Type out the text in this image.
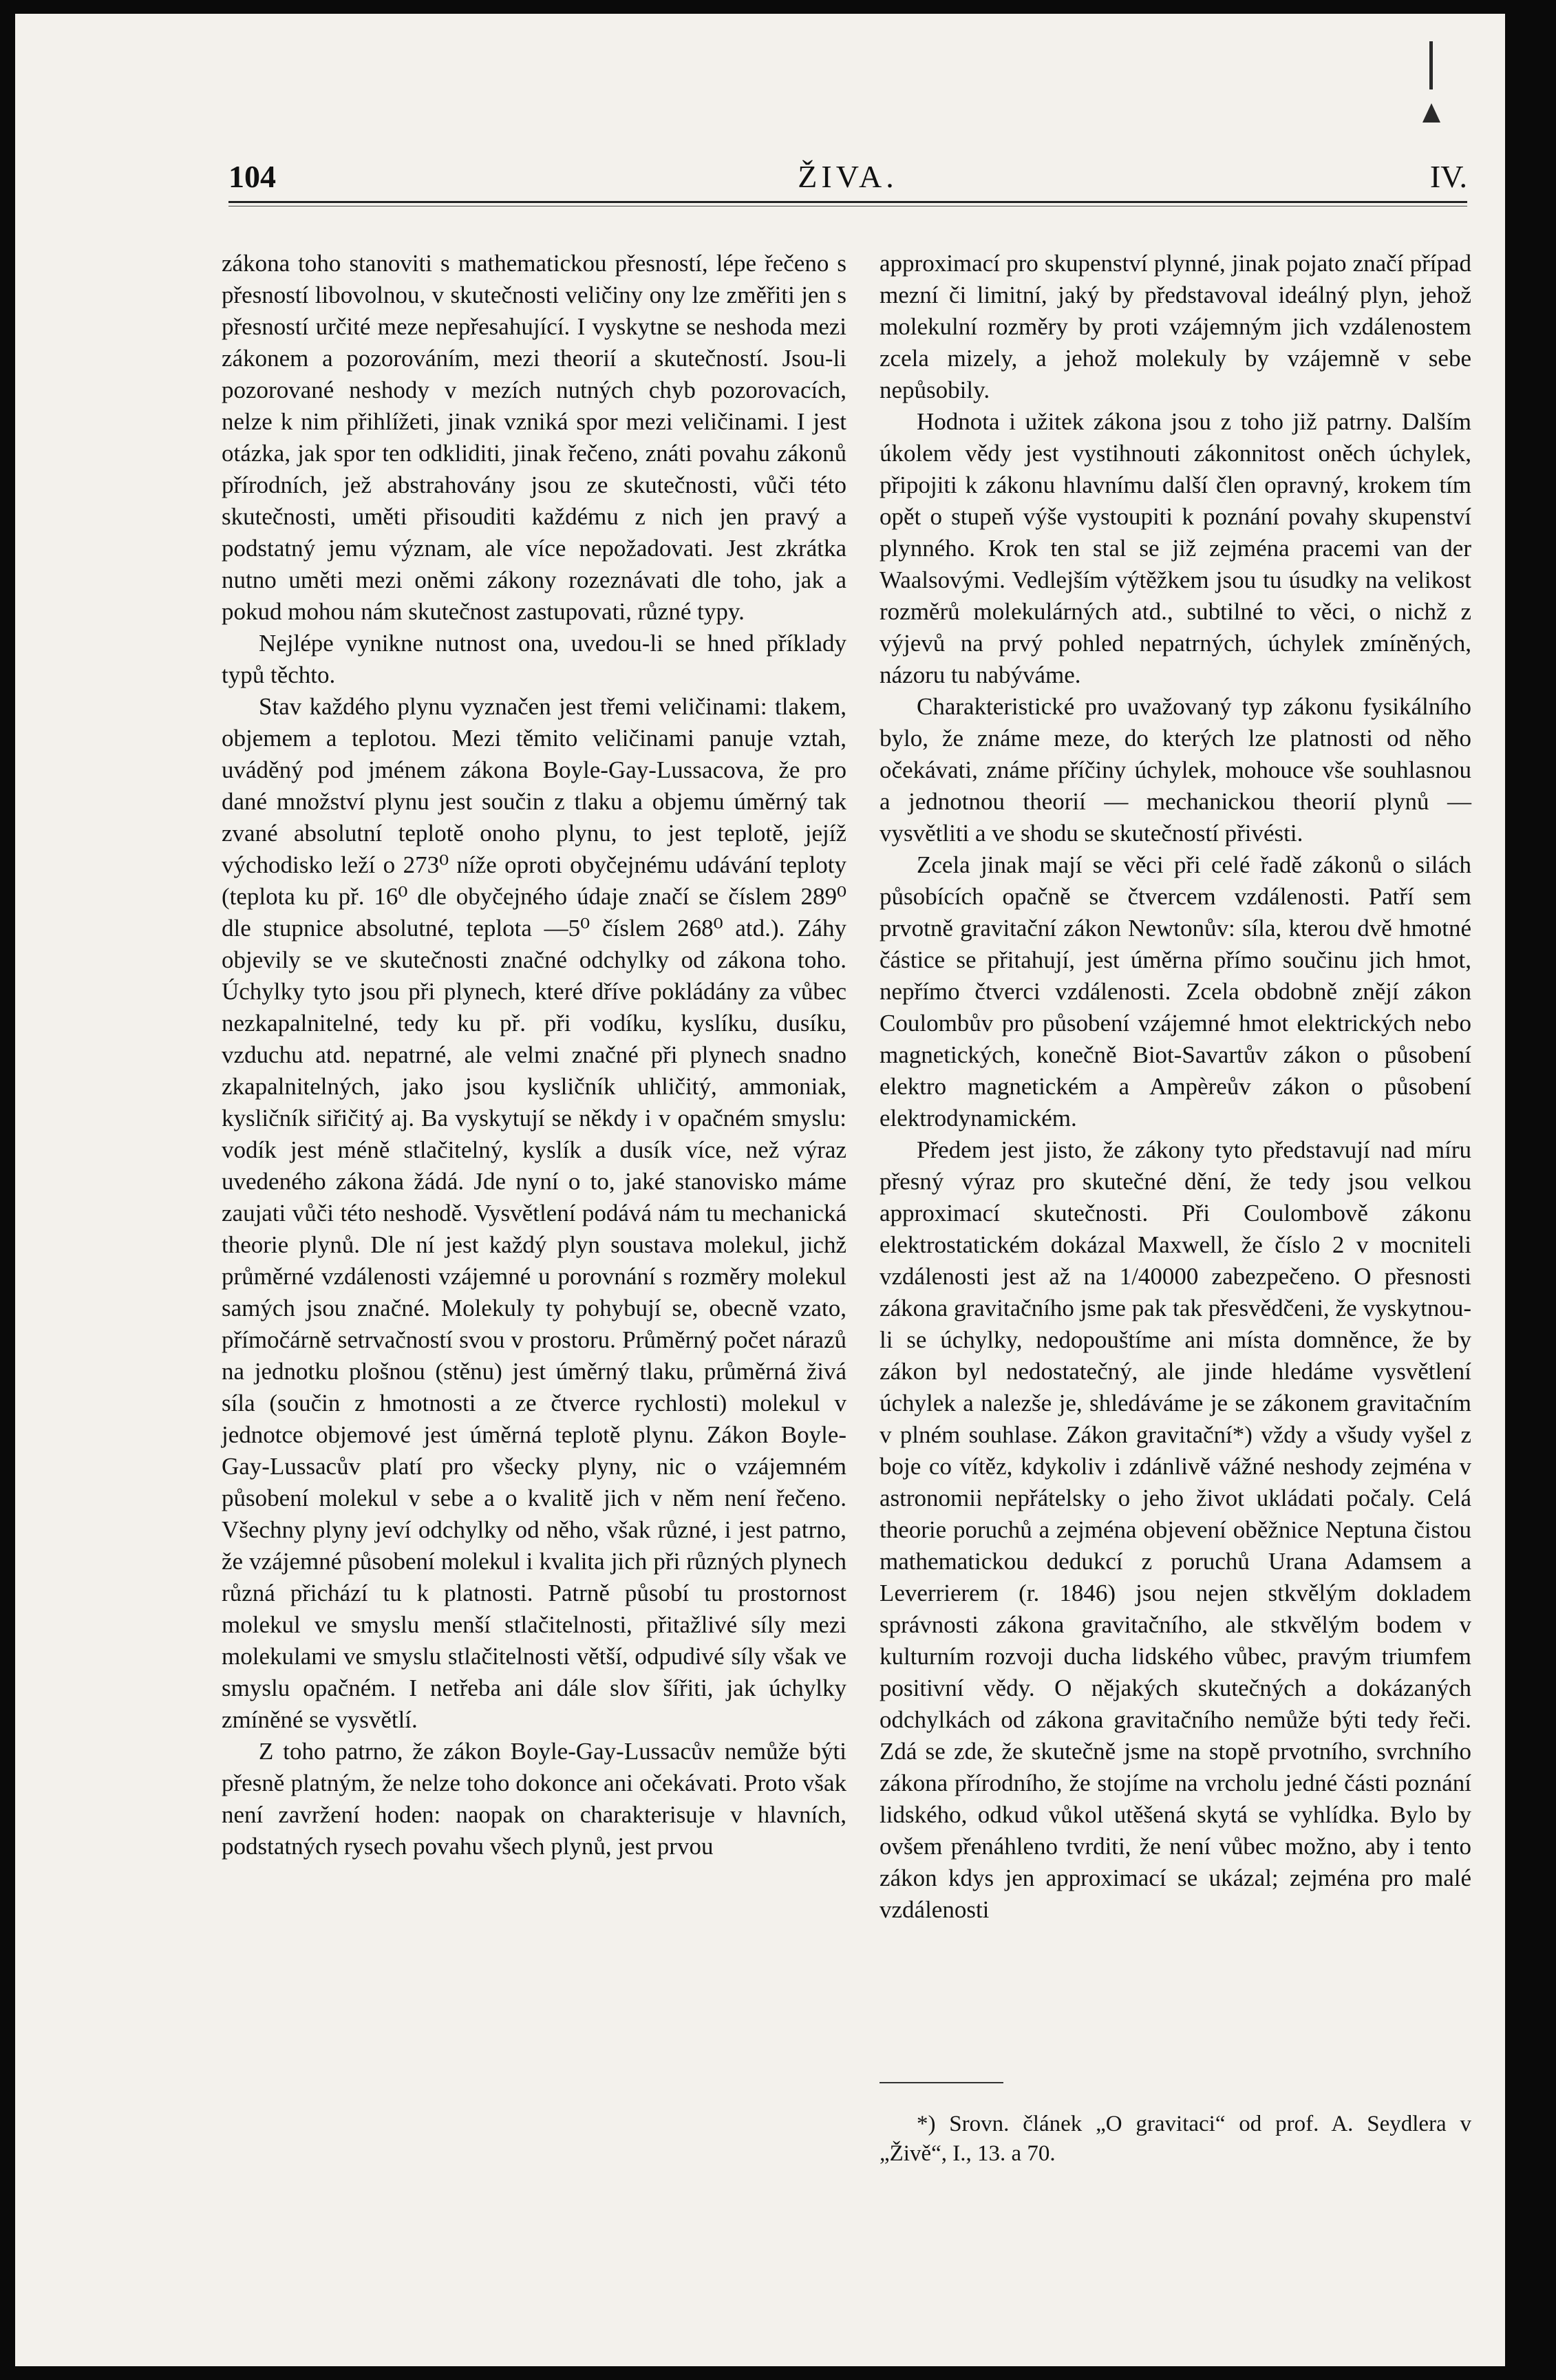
104	ŽIVA.	IV.

zákona toho stanoviti s mathematickou přesností, lépe řečeno s přesností libovolnou, v skutečnosti veličiny ony lze změřiti jen s přesností určité meze nepřesahující. I vyskytne se neshoda mezi zákonem a pozorováním, mezi theorií a skutečností. Jsou-li pozorované neshody v mezích nutných chyb pozorovacích, nelze k nim přihlížeti, jinak vzniká spor mezi veličinami. I jest otázka, jak spor ten odkliditi, jinak řečeno, znáti povahu zákonů přírodních, jež abstrahovány jsou ze skutečnosti, vůči této skutečnosti, uměti přisouditi každému z nich jen pravý a podstatný jemu význam, ale více nepožadovati. Jest zkrátka nutno uměti mezi oněmi zákony rozeznávati dle toho, jak a pokud mohou nám skutečnost zastupovati, různé typy.

Nejlépe vynikne nutnost ona, uvedou-li se hned příklady typů těchto.

Stav každého plynu vyznačen jest třemi veličinami: tlakem, objemem a teplotou. Mezi těmito veličinami panuje vztah, uváděný pod jménem zákona Boyle-Gay-Lussacova, že pro dané množství plynu jest součin z tlaku a objemu úměrný tak zvané absolutní teplotě onoho plynu, to jest teplotě, jejíž východisko leží o 273⁰ níže oproti obyčejnému udávání teploty (teplota ku př. 16⁰ dle obyčejného údaje značí se číslem 289⁰ dle stupnice absolutné, teplota —5⁰ číslem 268⁰ atd.). Záhy objevily se ve skutečnosti značné odchylky od zákona toho. Úchylky tyto jsou při plynech, které dříve pokládány za vůbec nezkapalnitelné, tedy ku př. při vodíku, kyslíku, dusíku, vzduchu atd. nepatrné, ale velmi značné při plynech snadno zkapalnitelných, jako jsou kysličník uhličitý, ammoniak, kysličník siřičitý aj. Ba vyskytují se někdy i v opačném smyslu: vodík jest méně stlačitelný, kyslík a dusík více, než výraz uvedeného zákona žádá. Jde nyní o to, jaké stanovisko máme zaujati vůči této neshodě. Vysvětlení podává nám tu mechanická theorie plynů. Dle ní jest každý plyn soustava molekul, jichž průměrné vzdálenosti vzájemné u porovnání s rozměry molekul samých jsou značné. Molekuly ty pohybují se, obecně vzato, přímočárně setrvačností svou v prostoru. Průměrný počet nárazů na jednotku plošnou (stěnu) jest úměrný tlaku, průměrná živá síla (součin z hmotnosti a ze čtverce rychlosti) molekul v jednotce objemové jest úměrná teplotě plynu. Zákon Boyle-Gay-Lussacův platí pro všecky plyny, nic o vzájemném působení molekul v sebe a o kvalitě jich v něm není řečeno. Všechny plyny jeví odchylky od něho, však různé, i jest patrno, že vzájemné působení molekul i kvalita jich při různých plynech různá přichází tu k platnosti. Patrně působí tu prostornost molekul ve smyslu menší stlačitelnosti, přitažlivé síly mezi molekulami ve smyslu stlačitelnosti větší, odpudivé síly však ve smyslu opačném. I netřeba ani dále slov šířiti, jak úchylky zmíněné se vysvětlí.

Z toho patrno, že zákon Boyle-Gay-Lussacův nemůže býti přesně platným, že nelze toho dokonce ani očekávati. Proto však není zavržení hoden: naopak on charakterisuje v hlavních, podstatných rysech povahu všech plynů, jest prvou

approximací pro skupenství plynné, jinak pojato značí případ mezní či limitní, jaký by představoval ideálný plyn, jehož molekulní rozměry by proti vzájemným jich vzdálenostem zcela mizely, a jehož molekuly by vzájemně v sebe nepůsobily.

Hodnota i užitek zákona jsou z toho již patrny. Dalším úkolem vědy jest vystihnouti zákonnitost oněch úchylek, připojiti k zákonu hlavnímu další člen opravný, krokem tím opět o stupeň výše vystoupiti k poznání povahy skupenství plynného. Krok ten stal se již zejména pracemi van der Waalsovými. Vedlejším výtěžkem jsou tu úsudky na velikost rozměrů molekulárných atd., subtilné to věci, o nichž z výjevů na prvý pohled nepatrných, úchylek zmíněných, názoru tu nabýváme.

Charakteristické pro uvažovaný typ zákonu fysikálního bylo, že známe meze, do kterých lze platnosti od něho očekávati, známe příčiny úchylek, mohouce vše souhlasnou a jednotnou theorií — mechanickou theorií plynů — vysvětliti a ve shodu se skutečností přivésti.

Zcela jinak mají se věci při celé řadě zákonů o silách působících opačně se čtvercem vzdálenosti. Patří sem prvotně gravitační zákon Newtonův: síla, kterou dvě hmotné částice se přitahují, jest úměrna přímo součinu jich hmot, nepřímo čtverci vzdálenosti. Zcela obdobně znějí zákon Coulombův pro působení vzájemné hmot elektrických nebo magnetických, konečně Biot-Savartův zákon o působení elektro magnetickém a Ampèreův zákon o působení elektrodynamickém.

Předem jest jisto, že zákony tyto představují nad míru přesný výraz pro skutečné dění, že tedy jsou velkou approximací skutečnosti. Při Coulombově zákonu elektrostatickém dokázal Maxwell, že číslo 2 v mocniteli vzdálenosti jest až na 1/40000 zabezpečeno. O přesnosti zákona gravitačního jsme pak tak přesvědčeni, že vyskytnou-li se úchylky, nedopouštíme ani místa domněnce, že by zákon byl nedostatečný, ale jinde hledáme vysvětlení úchylek a nalezše je, shledáváme je se zákonem gravitačním v plném souhlase. Zákon gravitační*) vždy a všudy vyšel z boje co vítěz, kdykoliv i zdánlivě vážné neshody zejména v astronomii nepřátelsky o jeho život ukládati počaly. Celá theorie poruchů a zejména objevení oběžnice Neptuna čistou mathematickou dedukcí z poruchů Urana Adamsem a Leverrierem (r. 1846) jsou nejen stkvělým dokladem správnosti zákona gravitačního, ale stkvělým bodem v kulturním rozvoji ducha lidského vůbec, pravým triumfem positivní vědy. O nějakých skutečných a dokázaných odchylkách od zákona gravitačního nemůže býti tedy řeči. Zdá se zde, že skutečně jsme na stopě prvotního, svrchního zákona přírodního, že stojíme na vrcholu jedné části poznání lidského, odkud vůkol utěšená skytá se vyhlídka. Bylo by ovšem přenáhleno tvrditi, že není vůbec možno, aby i tento zákon kdys jen approximací se ukázal; zejména pro malé vzdálenosti

*) Srovn. článek „O gravitaci“ od prof. A. Seydlera v „Živě“, I., 13. a 70.
